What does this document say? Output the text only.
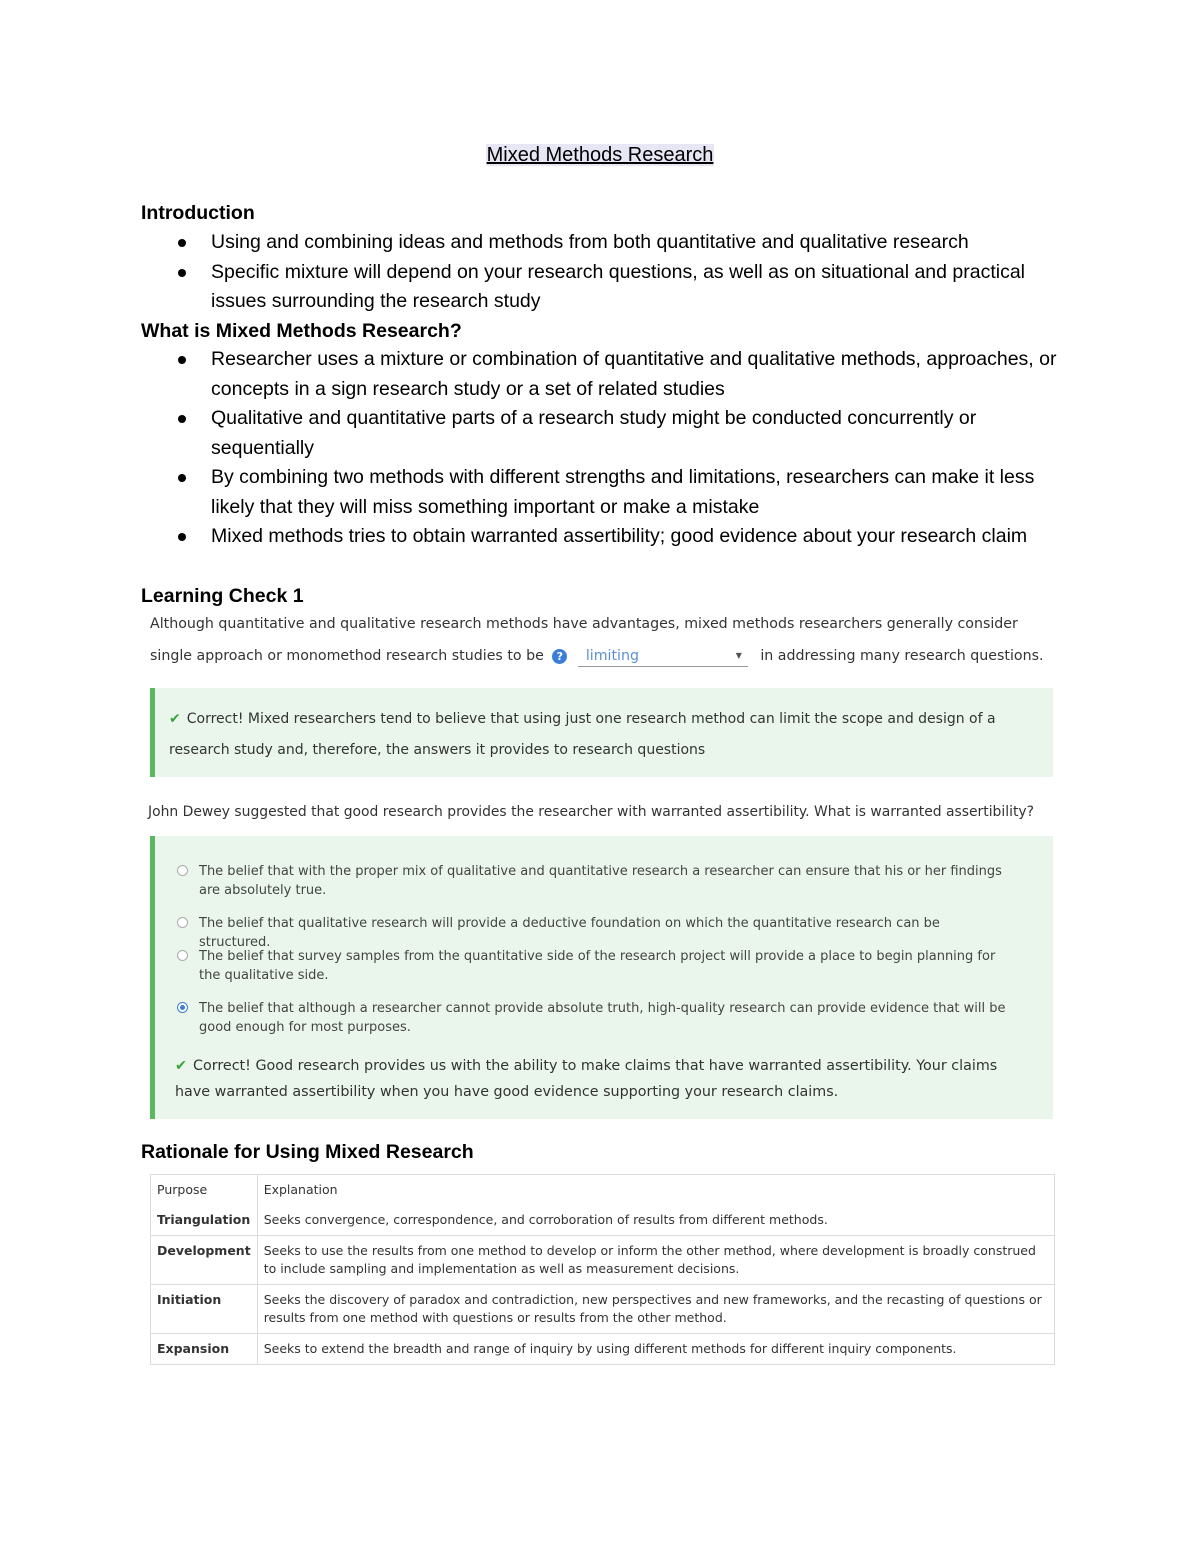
Mixed Methods Research
Introduction
Using and combining ideas and methods from both quantitative and qualitative research
Specific mixture will depend on your research questions, as well as on situational and practical issues surrounding the research study
What is Mixed Methods Research?
Researcher uses a mixture or combination of quantitative and qualitative methods, approaches, or concepts in a sign research study or a set of related studies
Qualitative and quantitative parts of a research study might be conducted concurrently or sequentially
By combining two methods with different strengths and limitations, researchers can make it less likely that they will miss something important or make a mistake
Mixed methods tries to obtain warranted assertibility; good evidence about your research claim
Learning Check 1
Although quantitative and qualitative research methods have advantages, mixed methods researchers generally consider
single approach or monomethod research studies to be ? limiting	▼ in addressing many research questions.
✔ Correct! Mixed researchers tend to believe that using just one research method can limit the scope and design of a research study and, therefore, the answers it provides to research questions
John Dewey suggested that good research provides the researcher with warranted assertibility. What is warranted assertibility?
The belief that with the proper mix of qualitative and quantitative research a researcher can ensure that his or her findings are absolutely true.
The belief that qualitative research will provide a deductive foundation on which the quantitative research can be structured.
The belief that survey samples from the quantitative side of the research project will provide a place to begin planning for the qualitative side.
The belief that although a researcher cannot provide absolute truth, high-quality research can provide evidence that will be good enough for most purposes.
✔ Correct! Good research provides us with the ability to make claims that have warranted assertibility. Your claims have warranted assertibility when you have good evidence supporting your research claims.
Rationale for Using Mixed Research
Purpose	Explanation
Triangulation	Seeks convergence, correspondence, and corroboration of results from different methods.
Development	Seeks to use the results from one method to develop or inform the other method, where development is broadly construed to include sampling and implementation as well as measurement decisions.
Initiation	Seeks the discovery of paradox and contradiction, new perspectives and new frameworks, and the recasting of questions or results from one method with questions or results from the other method.
Expansion	Seeks to extend the breadth and range of inquiry by using different methods for different inquiry components.
